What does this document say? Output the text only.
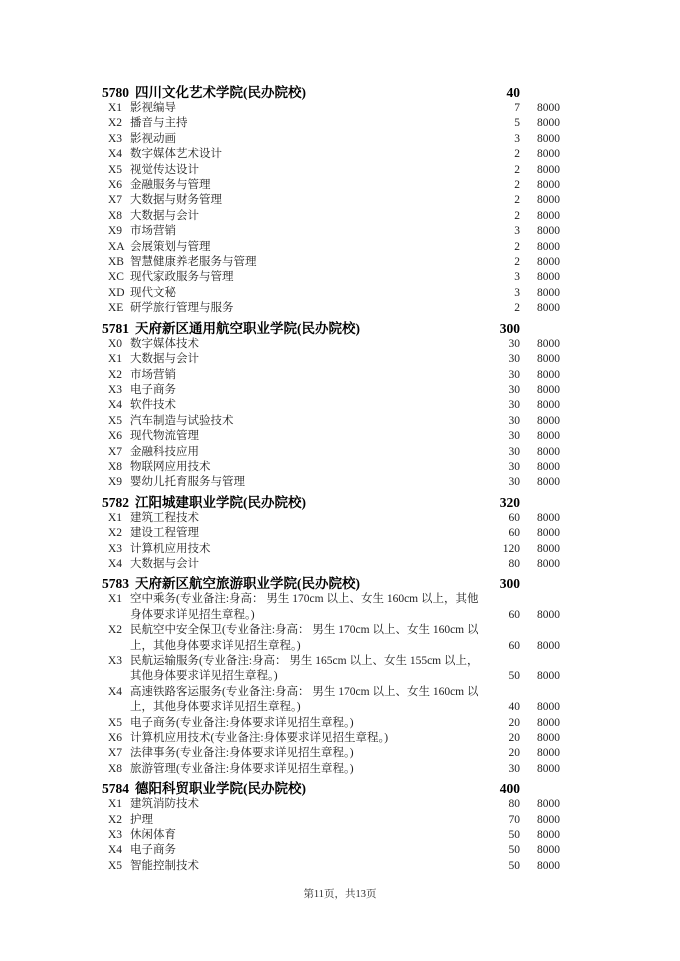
5780 四川文化艺术学院(民办院校)	40
X1 影视编导	7	8000
X2 播音与主持	5	8000
X3 影视动画	3	8000
X4 数字媒体艺术设计	2	8000
X5 视觉传达设计	2	8000
X6 金融服务与管理	2	8000
X7 大数据与财务管理	2	8000
X8 大数据与会计	2	8000
X9 市场营销	3	8000
XA 会展策划与管理	2	8000
XB 智慧健康养老服务与管理	2	8000
XC 现代家政服务与管理	3	8000
XD 现代文秘	3	8000
XE 研学旅行管理与服务	2	8000
5781 天府新区通用航空职业学院(民办院校)	300
X0 数字媒体技术	30	8000
X1 大数据与会计	30	8000
X2 市场营销	30	8000
X3 电子商务	30	8000
X4 软件技术	30	8000
X5 汽车制造与试验技术	30	8000
X6 现代物流管理	30	8000
X7 金融科技应用	30	8000
X8 物联网应用技术	30	8000
X9 婴幼儿托育服务与管理	30	8000
5782 江阳城建职业学院(民办院校)	320
X1 建筑工程技术	60	8000
X2 建设工程管理	60	8000
X3 计算机应用技术	120	8000
X4 大数据与会计	80	8000
5783 天府新区航空旅游职业学院(民办院校)	300
X1 空中乘务(专业备注:身高： 男生 170cm 以上、女生 160cm 以上，其他身体要求详见招生章程。)	60	8000
X2 民航空中安全保卫(专业备注:身高： 男生 170cm 以上、女生 160cm 以上，其他身体要求详见招生章程。)	60	8000
X3 民航运输服务(专业备注:身高： 男生 165cm 以上、女生 155cm 以上，其他身体要求详见招生章程。)	50	8000
X4 高速铁路客运服务(专业备注:身高： 男生 170cm 以上、女生 160cm 以上，其他身体要求详见招生章程。)	40	8000
X5 电子商务(专业备注:身体要求详见招生章程。)	20	8000
X6 计算机应用技术(专业备注:身体要求详见招生章程。)	20	8000
X7 法律事务(专业备注:身体要求详见招生章程。)	20	8000
X8 旅游管理(专业备注:身体要求详见招生章程。)	30	8000
5784 德阳科贸职业学院(民办院校)	400
X1 建筑消防技术	80	8000
X2 护理	70	8000
X3 休闲体育	50	8000
X4 电子商务	50	8000
X5 智能控制技术	50	8000
第11页，共13页
